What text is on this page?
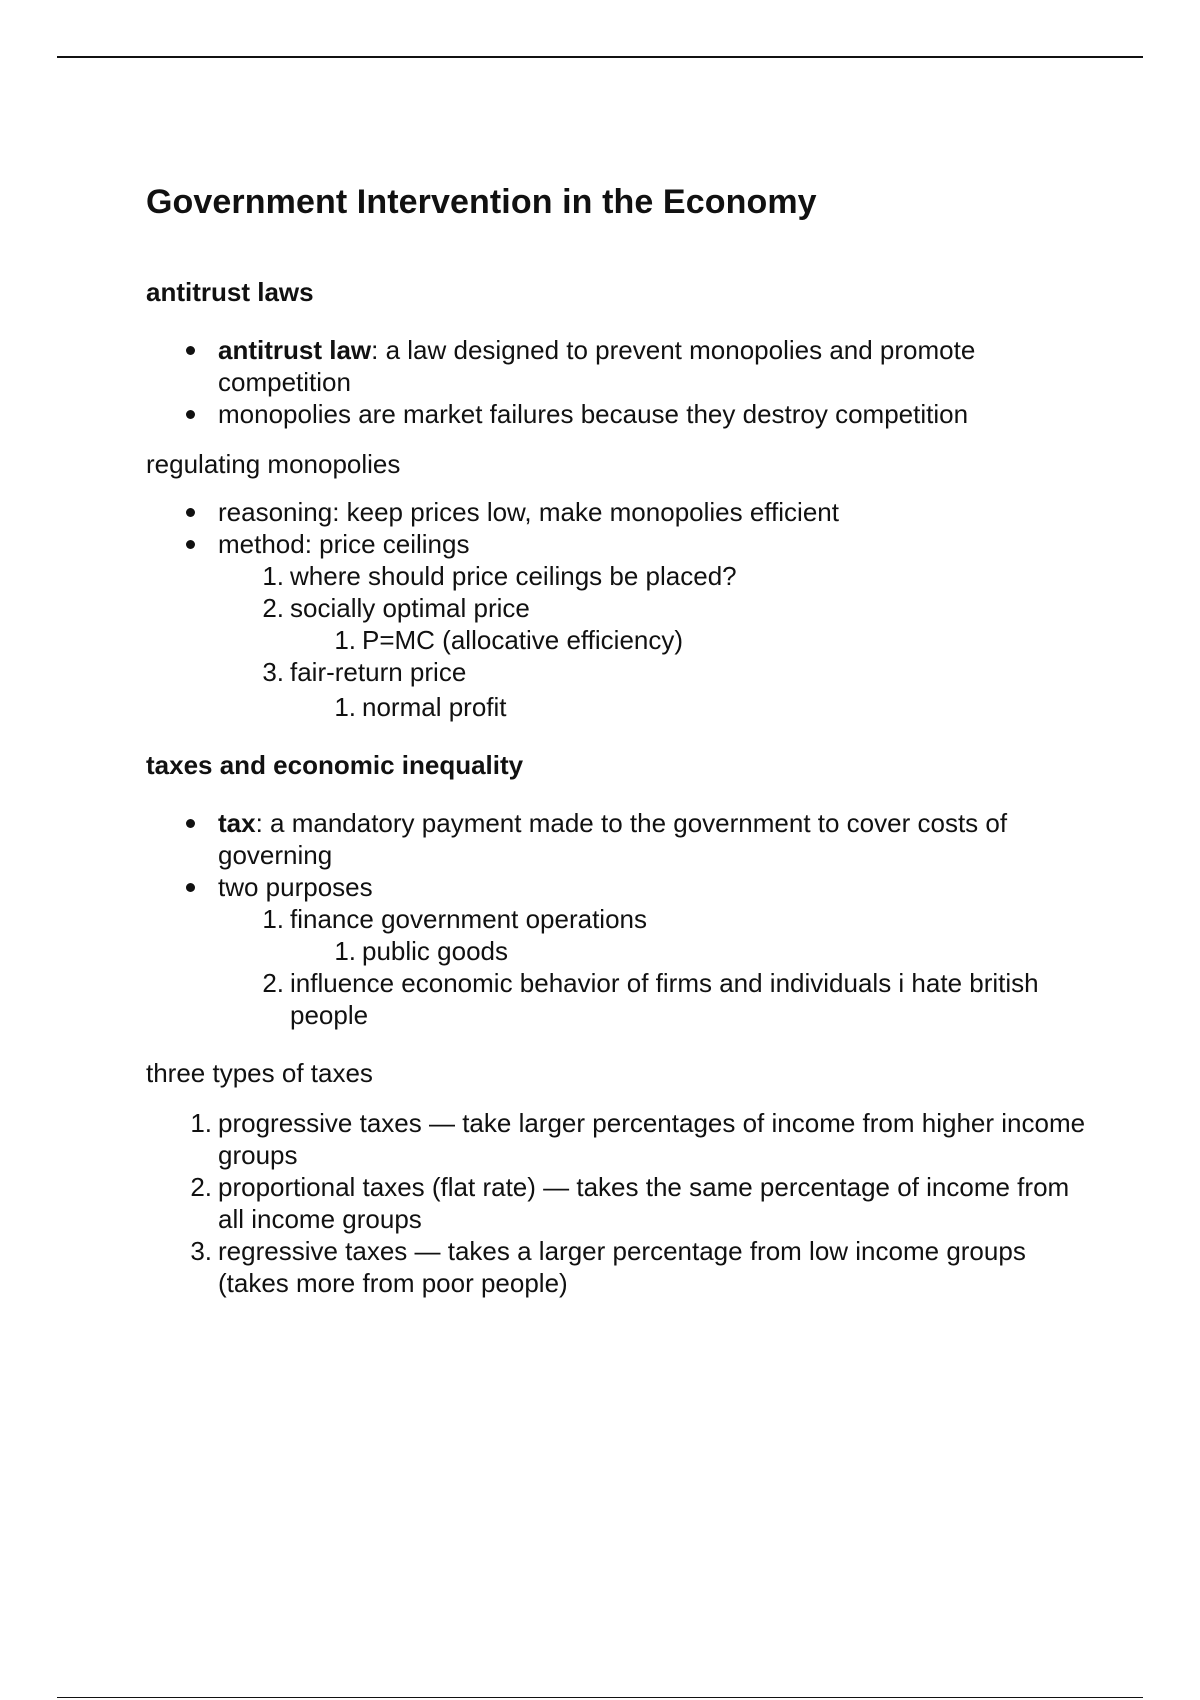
Government Intervention in the Economy
antitrust laws
antitrust law: a law designed to prevent monopolies and promote competition
monopolies are market failures because they destroy competition

regulating monopolies

reasoning: keep prices low, make monopolies efficient
method: price ceilings
1. where should price ceilings be placed?
2. socially optimal price
1. P=MC (allocative efficiency)
3. fair-return price
1. normal profit
taxes and economic inequality
tax: a mandatory payment made to the government to cover costs of governing
two purposes
1. finance government operations
1. public goods
2. influence economic behavior of firms and individuals i hate british people

three types of taxes

1. progressive taxes — take larger percentages of income from higher income groups
2. proportional taxes (flat rate) — takes the same percentage of income from all income groups
3. regressive taxes — takes a larger percentage from low income groups (takes more from poor people)
